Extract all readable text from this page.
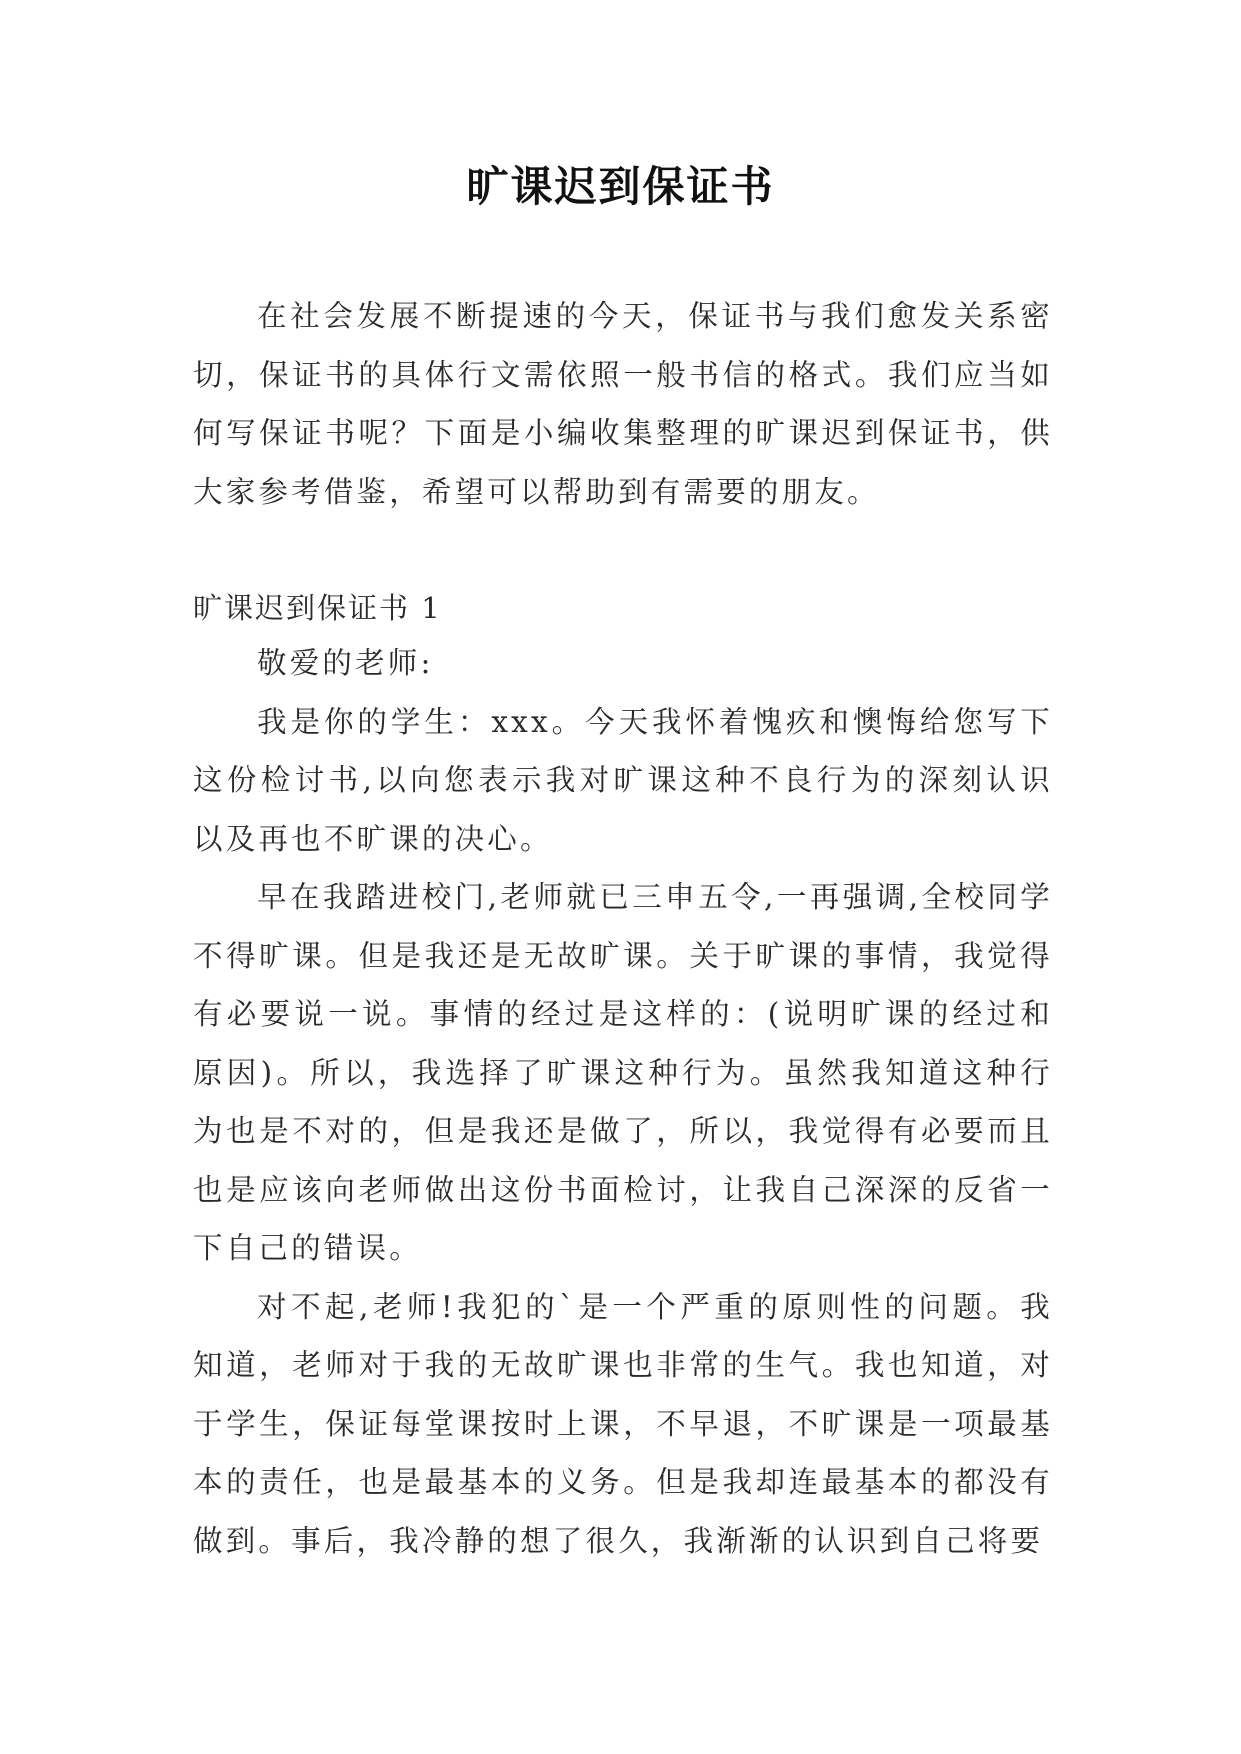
旷课迟到保证书
在社会发展不断提速的今天，保证书与我们愈发关系密切，保证书的具体行文需依照一般书信的格式。我们应当如何写保证书呢？下面是小编收集整理的旷课迟到保证书，供大家参考借鉴，希望可以帮助到有需要的朋友。
旷课迟到保证书 1

敬爱的老师:

我是你的学生：xxx。今天我怀着愧疚和懊悔给您写下这份检讨书,以向您表示我对旷课这种不良行为的深刻认识以及再也不旷课的决心。

早在我踏进校门,老师就已三申五令,一再强调,全校同学不得旷课。但是我还是无故旷课。关于旷课的事情，我觉得有必要说一说。事情的经过是这样的：(说明旷课的经过和原因)。所以，我选择了旷课这种行为。虽然我知道这种行为也是不对的，但是我还是做了，所以，我觉得有必要而且也是应该向老师做出这份书面检讨，让我自己深深的反省一下自己的错误。

对不起,老师!我犯的`是一个严重的原则性的问题。我知道，老师对于我的无故旷课也非常的生气。我也知道，对于学生，保证每堂课按时上课，不早退，不旷课是一项最基本的责任，也是最基本的义务。但是我却连最基本的都没有做到。事后，我冷静的想了很久，我渐渐的认识到自己将要
